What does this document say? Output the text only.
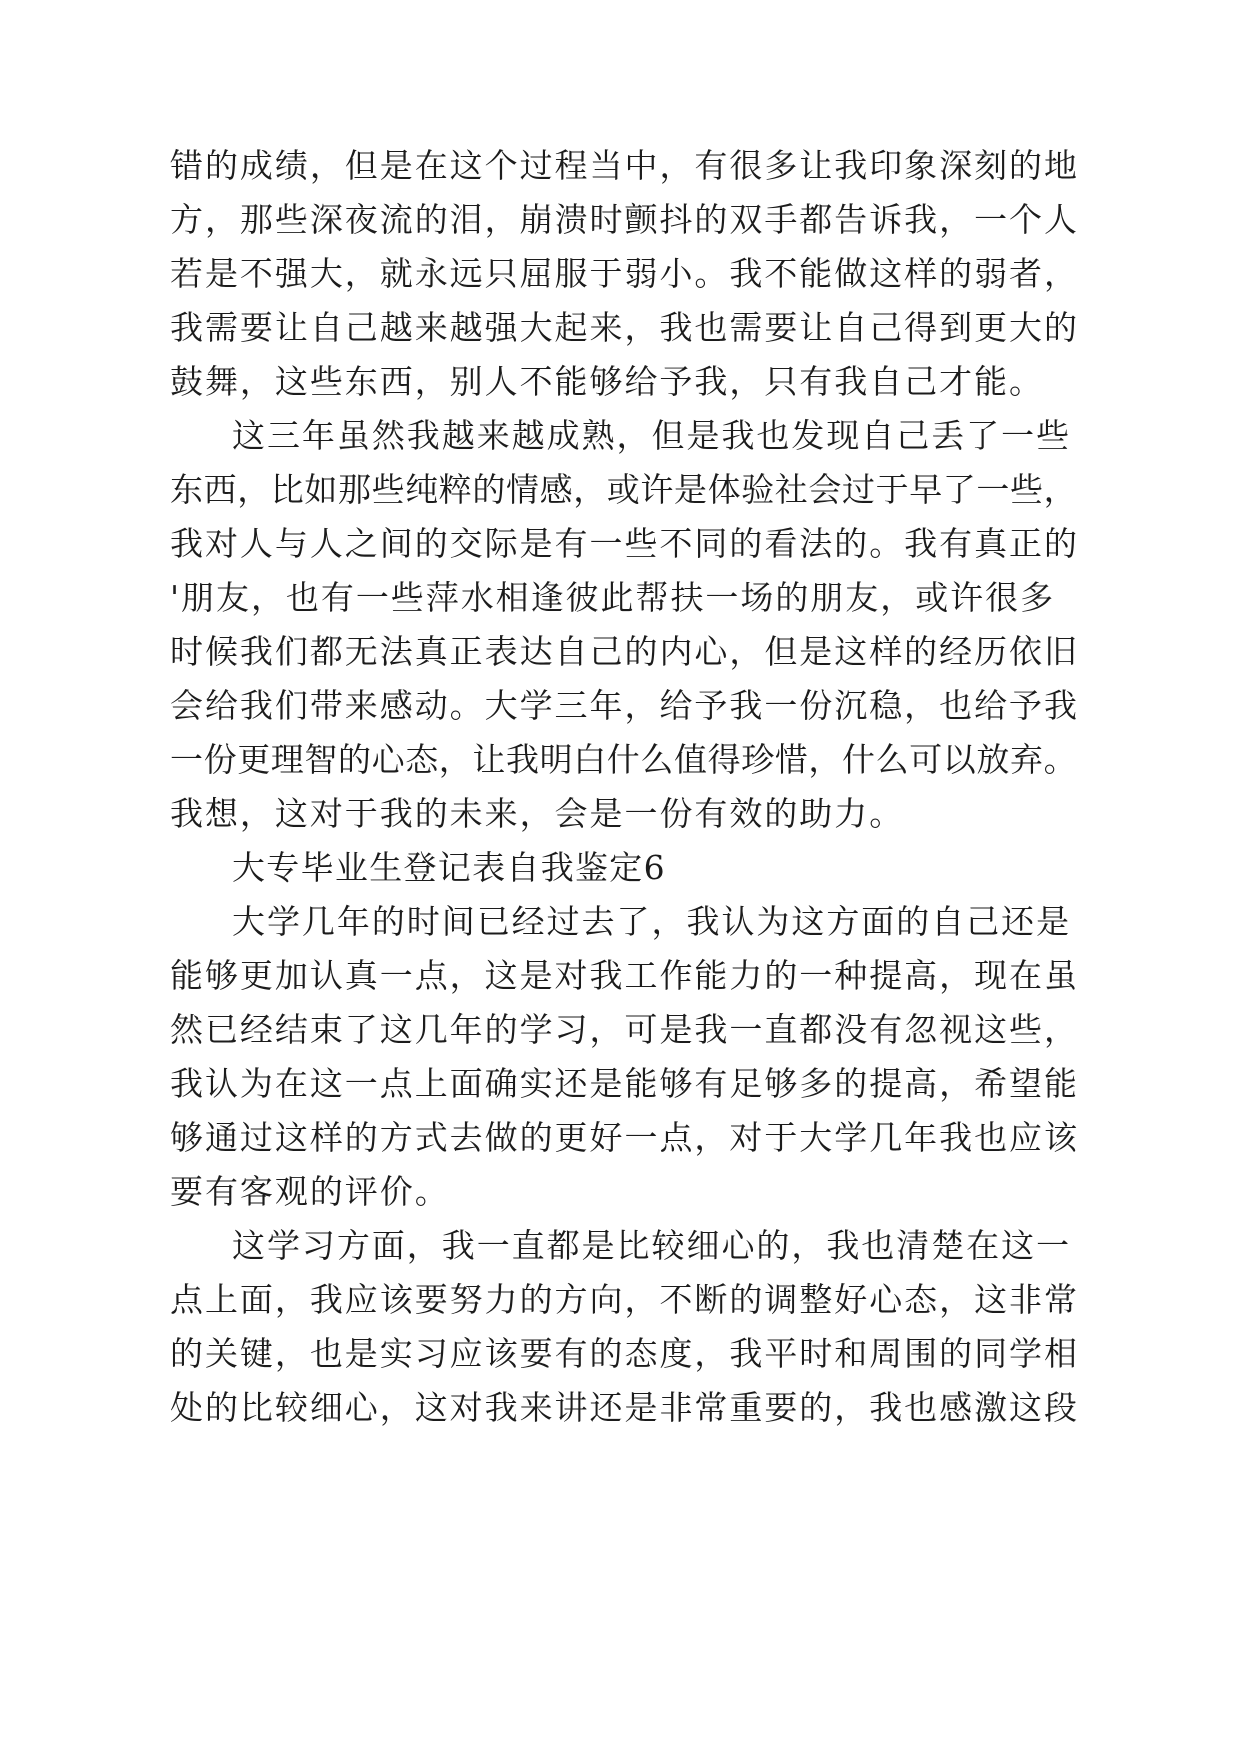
错的成绩，但是在这个过程当中，有很多让我印象深刻的地
方，那些深夜流的泪，崩溃时颤抖的双手都告诉我，一个人
若是不强大，就永远只屈服于弱小。我不能做这样的弱者，
我需要让自己越来越强大起来，我也需要让自己得到更大的
鼓舞，这些东西，别人不能够给予我，只有我自己才能。
这三年虽然我越来越成熟，但是我也发现自己丢了一些
东西，比如那些纯粹的情感，或许是体验社会过于早了一些，
我对人与人之间的交际是有一些不同的看法的。我有真正的
'朋友，也有一些萍水相逢彼此帮扶一场的朋友，或许很多
时候我们都无法真正表达自己的内心，但是这样的经历依旧
会给我们带来感动。大学三年，给予我一份沉稳，也给予我
一份更理智的心态，让我明白什么值得珍惜，什么可以放弃。
我想，这对于我的未来，会是一份有效的助力。
大专毕业生登记表自我鉴定6
大学几年的时间已经过去了，我认为这方面的自己还是
能够更加认真一点，这是对我工作能力的一种提高，现在虽
然已经结束了这几年的学习，可是我一直都没有忽视这些，
我认为在这一点上面确实还是能够有足够多的提高，希望能
够通过这样的方式去做的更好一点，对于大学几年我也应该
要有客观的评价。
这学习方面，我一直都是比较细心的，我也清楚在这一
点上面，我应该要努力的方向，不断的调整好心态，这非常
的关键，也是实习应该要有的态度，我平时和周围的同学相
处的比较细心，这对我来讲还是非常重要的，我也感激这段
